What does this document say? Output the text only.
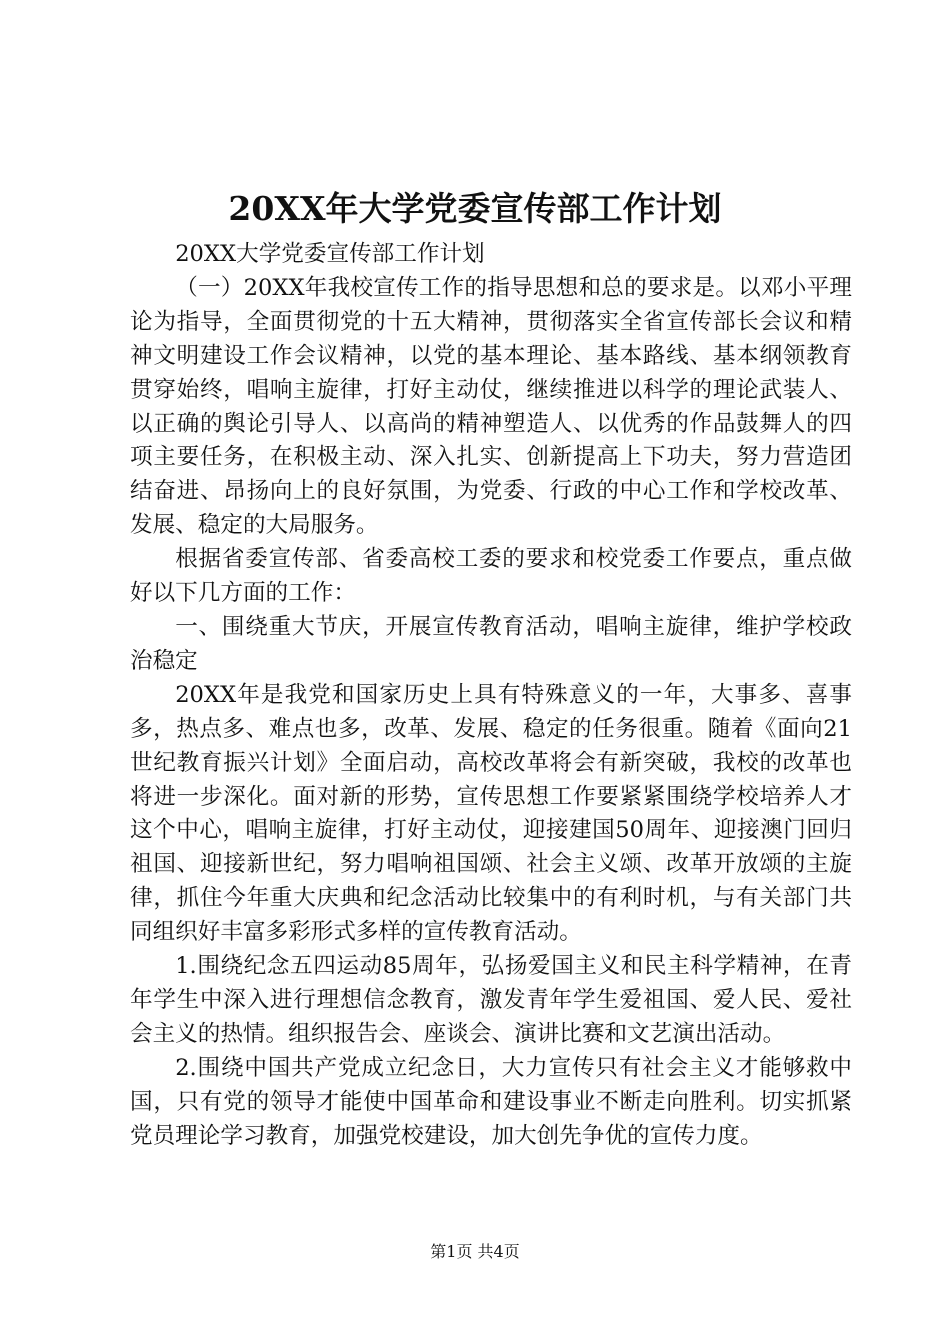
20XX年大学党委宣传部工作计划

20XX大学党委宣传部工作计划

（一）20XX年我校宣传工作的指导思想和总的要求是。以邓小平理论为指导，全面贯彻党的十五大精神，贯彻落实全省宣传部长会议和精神文明建设工作会议精神，以党的基本理论、基本路线、基本纲领教育贯穿始终，唱响主旋律，打好主动仗，继续推进以科学的理论武装人、以正确的舆论引导人、以高尚的精神塑造人、以优秀的作品鼓舞人的四项主要任务，在积极主动、深入扎实、创新提高上下功夫，努力营造团结奋进、昂扬向上的良好氛围，为党委、行政的中心工作和学校改革、发展、稳定的大局服务。

根据省委宣传部、省委高校工委的要求和校党委工作要点，重点做好以下几方面的工作：

一、围绕重大节庆，开展宣传教育活动，唱响主旋律，维护学校政治稳定

20XX年是我党和国家历史上具有特殊意义的一年，大事多、喜事多，热点多、难点也多，改革、发展、稳定的任务很重。随着《面向21世纪教育振兴计划》全面启动，高校改革将会有新突破，我校的改革也将进一步深化。面对新的形势，宣传思想工作要紧紧围绕学校培养人才这个中心，唱响主旋律，打好主动仗，迎接建国50周年、迎接澳门回归祖国、迎接新世纪，努力唱响祖国颂、社会主义颂、改革开放颂的主旋律，抓住今年重大庆典和纪念活动比较集中的有利时机，与有关部门共同组织好丰富多彩形式多样的宣传教育活动。

1.围绕纪念五四运动85周年，弘扬爱国主义和民主科学精神，在青年学生中深入进行理想信念教育，激发青年学生爱祖国、爱人民、爱社会主义的热情。组织报告会、座谈会、演讲比赛和文艺演出活动。

2.围绕中国共产党成立纪念日，大力宣传只有社会主义才能够救中国，只有党的领导才能使中国革命和建设事业不断走向胜利。切实抓紧党员理论学习教育，加强党校建设，加大创先争优的宣传力度。

第1页 共4页
